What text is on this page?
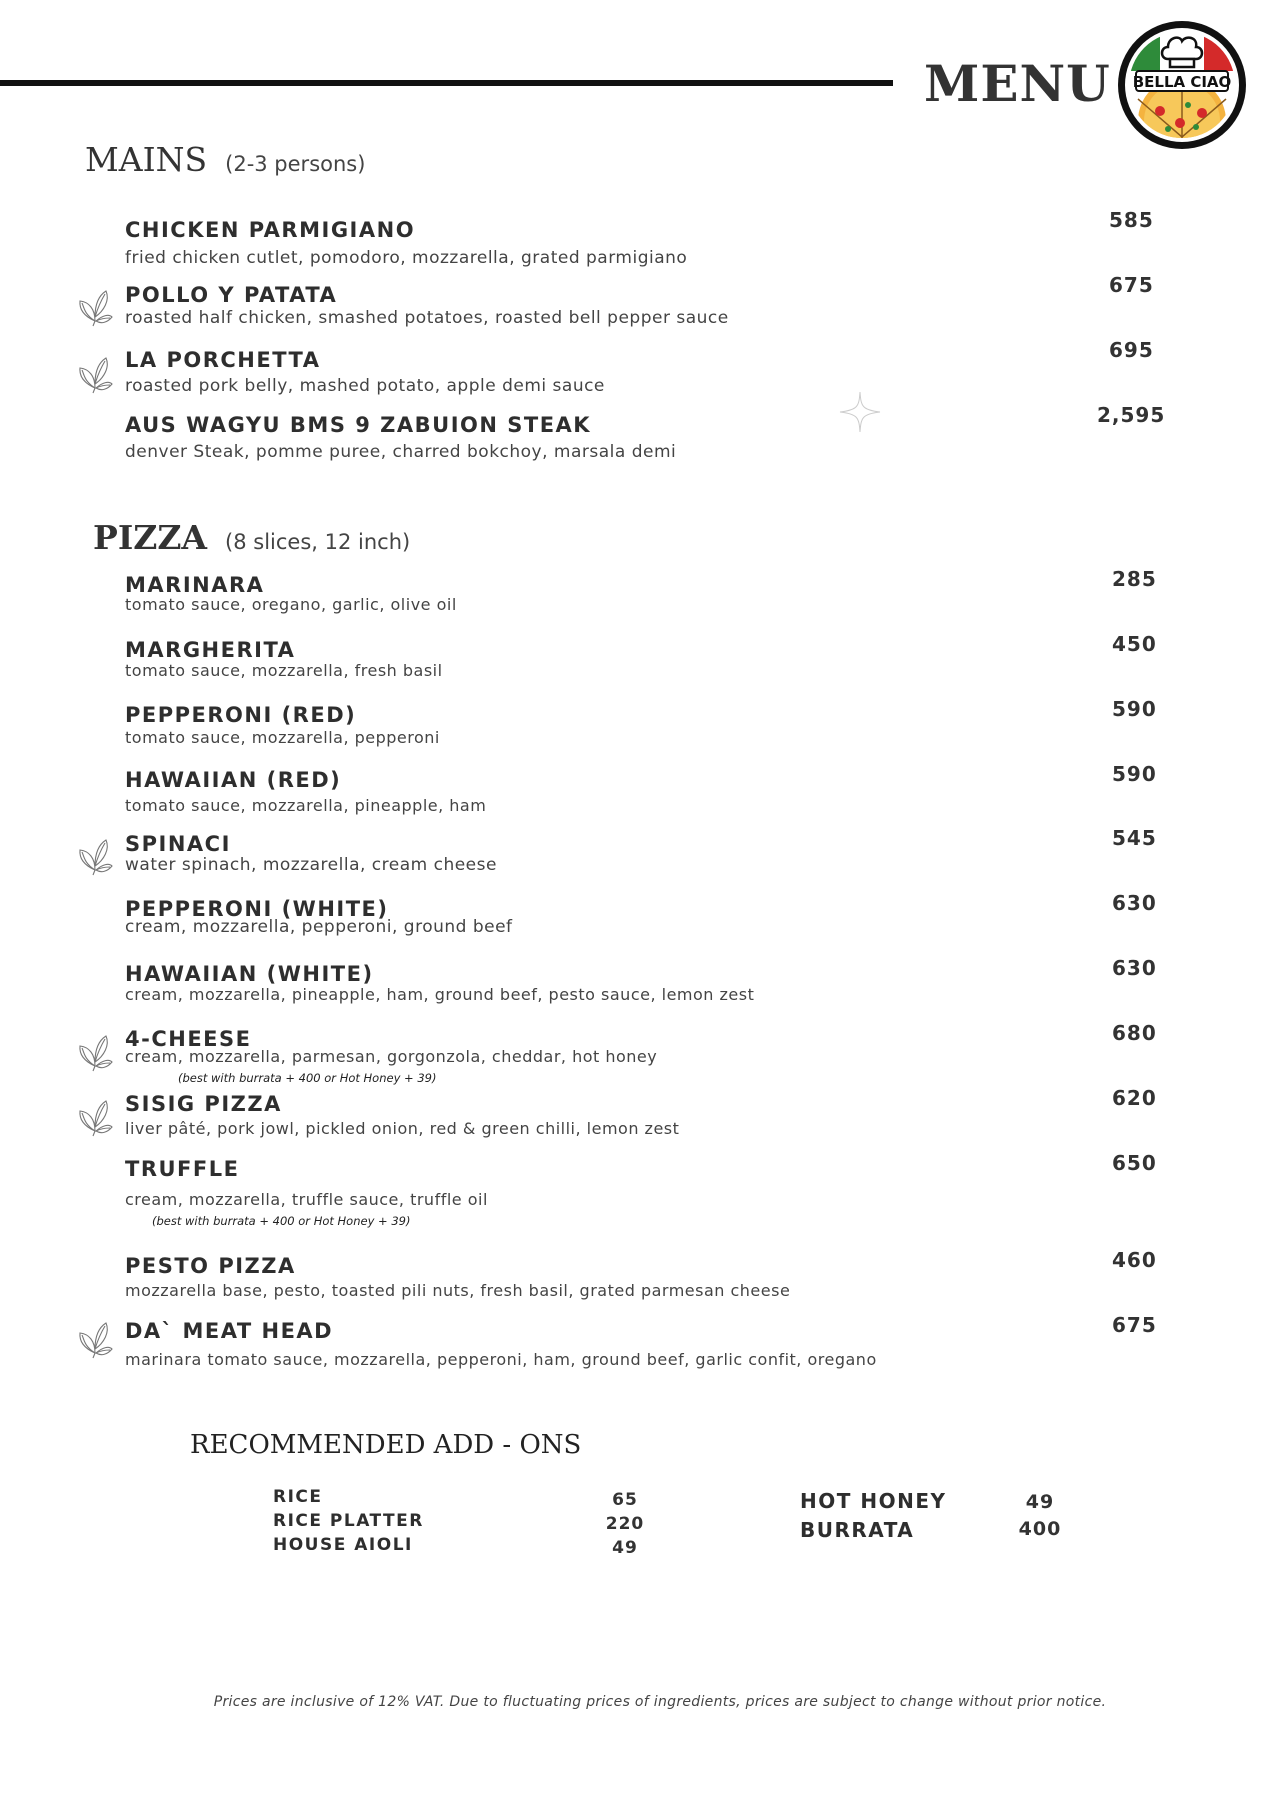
MENU BELLA CIAO
MAINS (2-3 persons)
CHICKEN PARMIGIANO
fried chicken cutlet, pomodoro, mozzarella, grated parmigiano
585
POLLO Y PATATA
roasted half chicken, smashed potatoes, roasted bell pepper sauce
675
LA PORCHETTA
roasted pork belly, mashed potato, apple demi sauce
695
AUS WAGYU BMS 9 ZABUION STEAK
denver Steak, pomme puree, charred bokchoy, marsala demi
2,595
PIZZA (8 slices, 12 inch)
MARINARA
tomato sauce, oregano, garlic, olive oil
285
MARGHERITA
tomato sauce, mozzarella, fresh basil
450
PEPPERONI (RED)
tomato sauce, mozzarella, pepperoni
590
HAWAIIAN (RED)
tomato sauce, mozzarella, pineapple, ham
590
SPINACI
water spinach, mozzarella, cream cheese
545
PEPPERONI (WHITE)
cream, mozzarella, pepperoni, ground beef
630
HAWAIIAN (WHITE)
cream, mozzarella, pineapple, ham, ground beef, pesto sauce, lemon zest
630
4-CHEESE
cream, mozzarella, parmesan, gorgonzola, cheddar, hot honey
(best with burrata + 400 or Hot Honey + 39)
680
SISIG PIZZA
liver pâté, pork jowl, pickled onion, red & green chilli, lemon zest
620
TRUFFLE
cream, mozzarella, truffle sauce, truffle oil
(best with burrata + 400 or Hot Honey + 39)
650
PESTO PIZZA
mozzarella base, pesto, toasted pili nuts, fresh basil, grated parmesan cheese
460
DA` MEAT HEAD
marinara tomato sauce, mozzarella, pepperoni, ham, ground beef, garlic confit, oregano
675
RECOMMENDED ADD - ONS
RICE	65
RICE PLATTER	220
HOUSE AIOLI	49
HOT HONEY	49
BURRATA	400
Prices are inclusive of 12% VAT. Due to fluctuating prices of ingredients, prices are subject to change without prior notice.
